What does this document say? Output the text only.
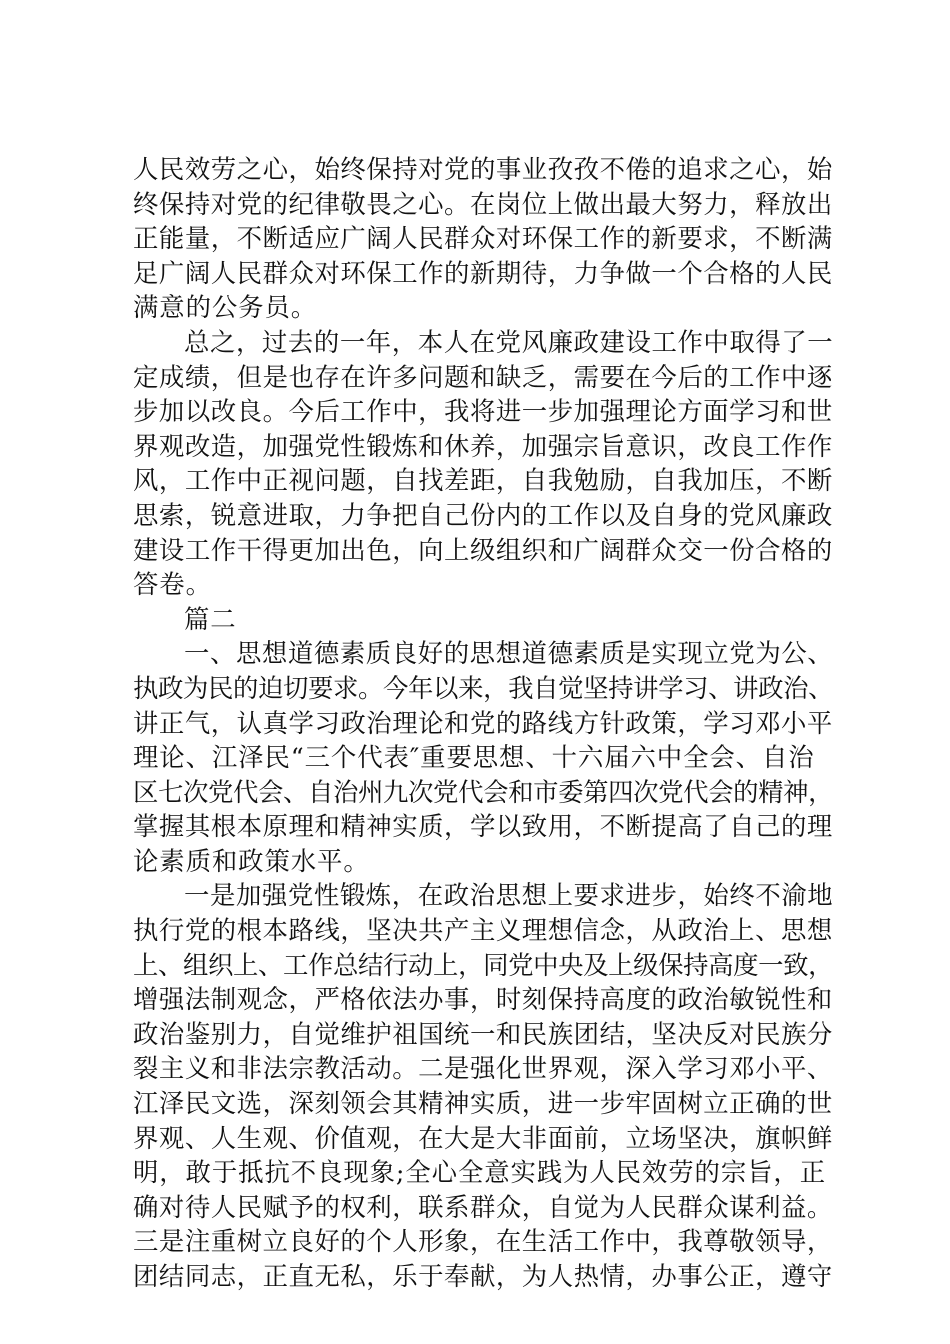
人民效劳之心，始终保持对党的事业孜孜不倦的追求之心，始
终保持对党的纪律敬畏之心。在岗位上做出最大努力，释放出
正能量，不断适应广阔人民群众对环保工作的新要求，不断满
足广阔人民群众对环保工作的新期待，力争做一个合格的人民
满意的公务员。
总之，过去的一年，本人在党风廉政建设工作中取得了一
定成绩，但是也存在许多问题和缺乏，需要在今后的工作中逐
步加以改良。今后工作中，我将进一步加强理论方面学习和世
界观改造，加强党性锻炼和休养，加强宗旨意识，改良工作作
风，工作中正视问题，自找差距，自我勉励，自我加压，不断
思索，锐意进取，力争把自己份内的工作以及自身的党风廉政
建设工作干得更加出色，向上级组织和广阔群众交一份合格的
答卷。
篇二
一、思想道德素质良好的思想道德素质是实现立党为公、
执政为民的迫切要求。今年以来，我自觉坚持讲学习、讲政治、
讲正气，认真学习政治理论和党的路线方针政策，学习邓小平
理论、江泽民“三个代表″重要思想、十六届六中全会、自治
区七次党代会、自治州九次党代会和市委第四次党代会的精神，
掌握其根本原理和精神实质，学以致用，不断提高了自己的理
论素质和政策水平。
一是加强党性锻炼，在政治思想上要求进步，始终不渝地
执行党的根本路线，坚决共产主义理想信念，从政治上、思想
上、组织上、工作总结行动上，同党中央及上级保持高度一致，
增强法制观念，严格依法办事，时刻保持高度的政治敏锐性和
政治鉴别力，自觉维护祖国统一和民族团结，坚决反对民族分
裂主义和非法宗教活动。二是强化世界观，深入学习邓小平、
江泽民文选，深刻领会其精神实质，进一步牢固树立正确的世
界观、人生观、价值观，在大是大非面前，立场坚决，旗帜鲜
明，敢于抵抗不良现象;全心全意实践为人民效劳的宗旨，正
确对待人民赋予的权利，联系群众，自觉为人民群众谋利益。
三是注重树立良好的个人形象，在生活工作中，我尊敬领导，
团结同志，正直无私，乐于奉献，为人热情，办事公正，遵守
